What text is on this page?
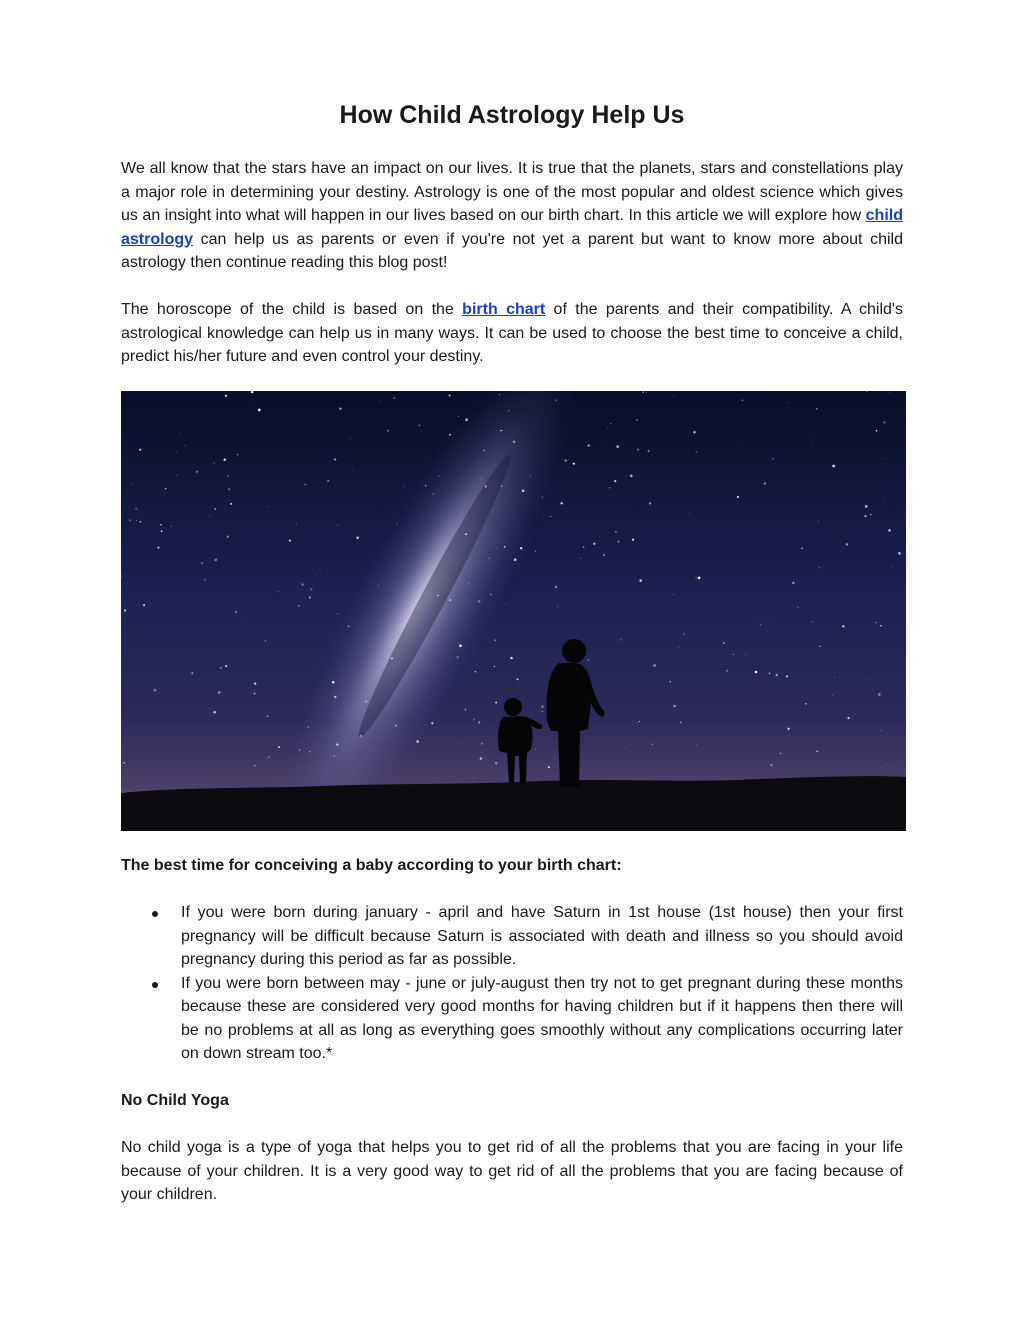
How Child Astrology Help Us

We all know that the stars have an impact on our lives. It is true that the planets, stars and constellations play a major role in determining your destiny. Astrology is one of the most popular and oldest science which gives us an insight into what will happen in our lives based on our birth chart. In this article we will explore how child astrology can help us as parents or even if you're not yet a parent but want to know more about child astrology then continue reading this blog post!

The horoscope of the child is based on the birth chart of the parents and their compatibility. A child's astrological knowledge can help us in many ways. It can be used to choose the best time to conceive a child, predict his/her future and even control your destiny.

The best time for conceiving a baby according to your birth chart:

If you were born during january - april and have Saturn in 1st house (1st house) then your first pregnancy will be difficult because Saturn is associated with death and illness so you should avoid pregnancy during this period as far as possible.
If you were born between may - june or july-august then try not to get pregnant during these months because these are considered very good months for having children but if it happens then there will be no problems at all as long as everything goes smoothly without any complications occurring later on down stream too.*

No Child Yoga

No child yoga is a type of yoga that helps you to get rid of all the problems that you are facing in your life because of your children. It is a very good way to get rid of all the problems that you are facing because of your children.
